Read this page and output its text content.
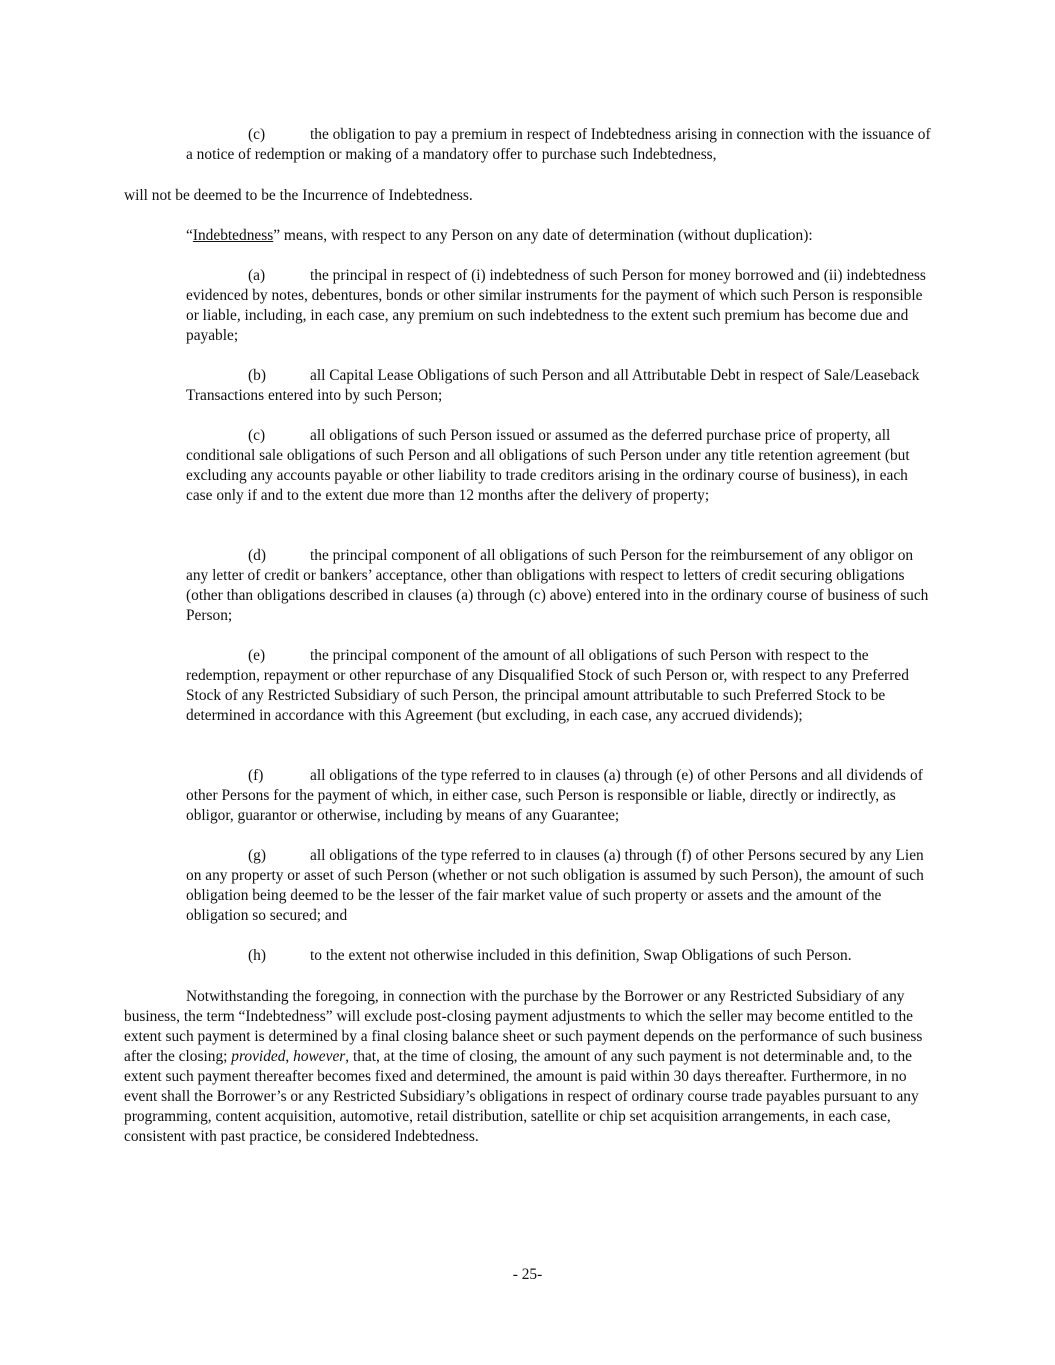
(c)	the obligation to pay a premium in respect of Indebtedness arising in connection with the issuance of a notice of redemption or making of a mandatory offer to purchase such Indebtedness,

will not be deemed to be the Incurrence of Indebtedness.

“Indebtedness” means, with respect to any Person on any date of determination (without duplication):

(a)	the principal in respect of (i) indebtedness of such Person for money borrowed and (ii) indebtedness evidenced by notes, debentures, bonds or other similar instruments for the payment of which such Person is responsible or liable, including, in each case, any premium on such indebtedness to the extent such premium has become due and payable;

(b)	all Capital Lease Obligations of such Person and all Attributable Debt in respect of Sale/Leaseback Transactions entered into by such Person;

(c)	all obligations of such Person issued or assumed as the deferred purchase price of property, all conditional sale obligations of such Person and all obligations of such Person under any title retention agreement (but excluding any accounts payable or other liability to trade creditors arising in the ordinary course of business), in each case only if and to the extent due more than 12 months after the delivery of property;

(d)	the principal component of all obligations of such Person for the reimbursement of any obligor on any letter of credit or bankers’ acceptance, other than obligations with respect to letters of credit securing obligations (other than obligations described in clauses (a) through (c) above) entered into in the ordinary course of business of such Person;

(e)	the principal component of the amount of all obligations of such Person with respect to the redemption, repayment or other repurchase of any Disqualified Stock of such Person or, with respect to any Preferred Stock of any Restricted Subsidiary of such Person, the principal amount attributable to such Preferred Stock to be determined in accordance with this Agreement (but excluding, in each case, any accrued dividends);

(f)	all obligations of the type referred to in clauses (a) through (e) of other Persons and all dividends of other Persons for the payment of which, in either case, such Person is responsible or liable, directly or indirectly, as obligor, guarantor or otherwise, including by means of any Guarantee;

(g)	all obligations of the type referred to in clauses (a) through (f) of other Persons secured by any Lien on any property or asset of such Person (whether or not such obligation is assumed by such Person), the amount of such obligation being deemed to be the lesser of the fair market value of such property or assets and the amount of the obligation so secured; and

(h)	to the extent not otherwise included in this definition, Swap Obligations of such Person.

Notwithstanding the foregoing, in connection with the purchase by the Borrower or any Restricted Subsidiary of any business, the term “Indebtedness” will exclude post-closing payment adjustments to which the seller may become entitled to the extent such payment is determined by a final closing balance sheet or such payment depends on the performance of such business after the closing; provided, however, that, at the time of closing, the amount of any such payment is not determinable and, to the extent such payment thereafter becomes fixed and determined, the amount is paid within 30 days thereafter. Furthermore, in no event shall the Borrower’s or any Restricted Subsidiary’s obligations in respect of ordinary course trade payables pursuant to any programming, content acquisition, automotive, retail distribution, satellite or chip set acquisition arrangements, in each case, consistent with past practice, be considered Indebtedness.

- 25-
